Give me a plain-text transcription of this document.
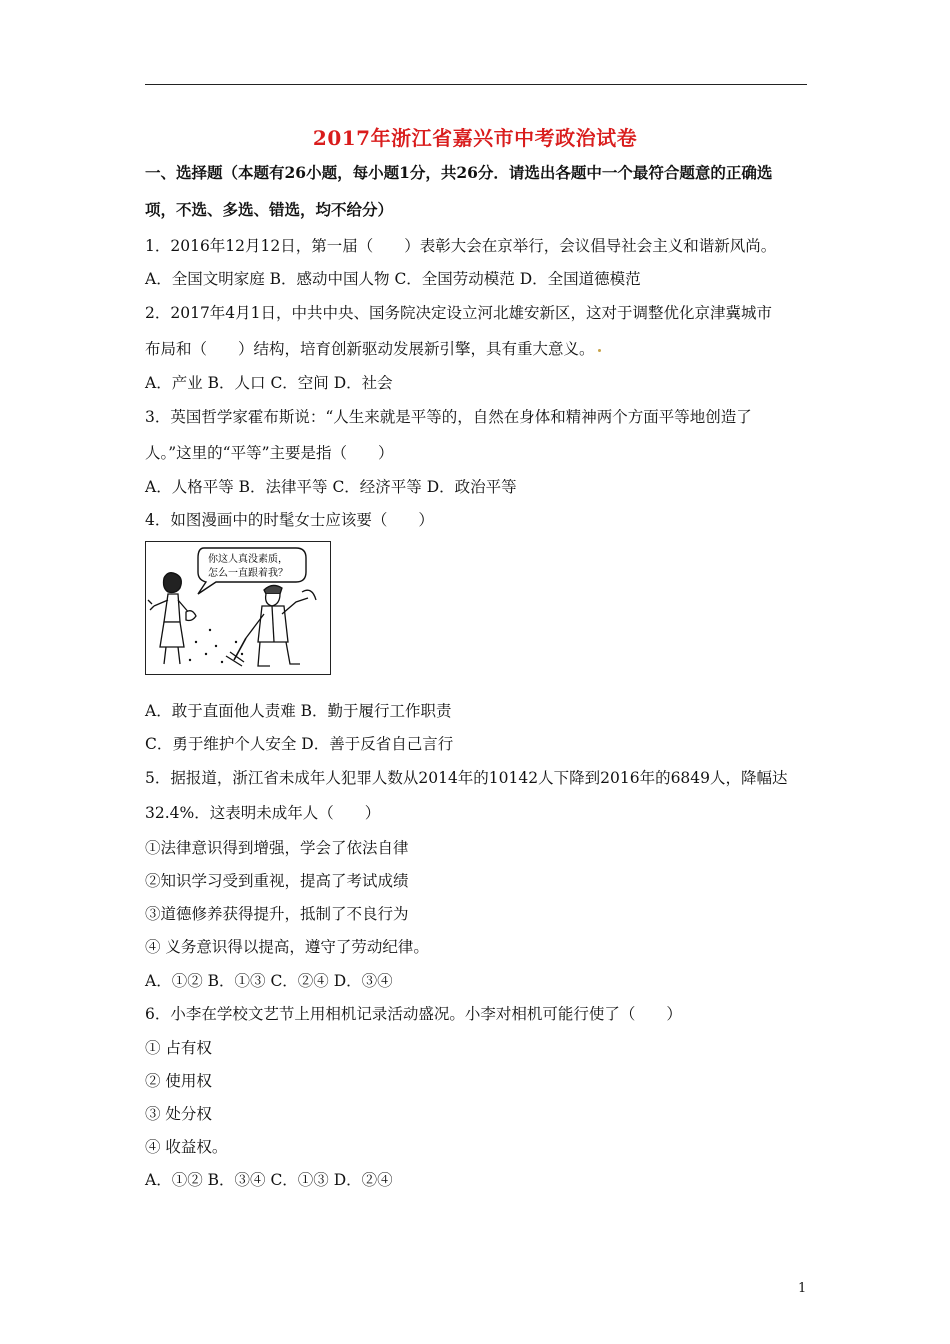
2017年浙江省嘉兴市中考政治试卷
一、选择题（本题有26小题，每小题1分，共26分．请选出各题中一个最符合题意的正确选
项，不选、多选、错选，均不给分）
1．2016年12月12日，第一届（　　）表彰大会在京举行，会议倡导社会主义和谐新风尚。
A．全国文明家庭 B．感动中国人物 C．全国劳动模范 D．全国道德模范
2．2017年4月1日，中共中央、国务院决定设立河北雄安新区，这对于调整优化京津冀城市
布局和（　　）结构，培育创新驱动发展新引擎，具有重大意义。
A．产业 B．人口 C．空间 D．社会
3．英国哲学家霍布斯说：“人生来就是平等的，自然在身体和精神两个方面平等地创造了
人。”这里的“平等”主要是指（　　）
A．人格平等 B．法律平等 C．经济平等 D．政治平等
4．如图漫画中的时髦女士应该要（　　）
你这人真没素质，
怎么一直跟着我？
A．敢于直面他人责难 B．勤于履行工作职责
C．勇于维护个人安全 D．善于反省自己言行
5．据报道，浙江省未成年人犯罪人数从2014年的10142人下降到2016年的6849人，降幅达
32.4%．这表明未成年人（　　）
①法律意识得到增强，学会了依法自律
②知识学习受到重视，提高了考试成绩
③道德修养获得提升，抵制了不良行为
④ 义务意识得以提高，遵守了劳动纪律。
A．①② B．①③ C．②④ D．③④
6．小李在学校文艺节上用相机记录活动盛况。小李对相机可能行使了（　　）
① 占有权
② 使用权
③ 处分权
④ 收益权。
A．①② B．③④ C．①③ D．②④
1
